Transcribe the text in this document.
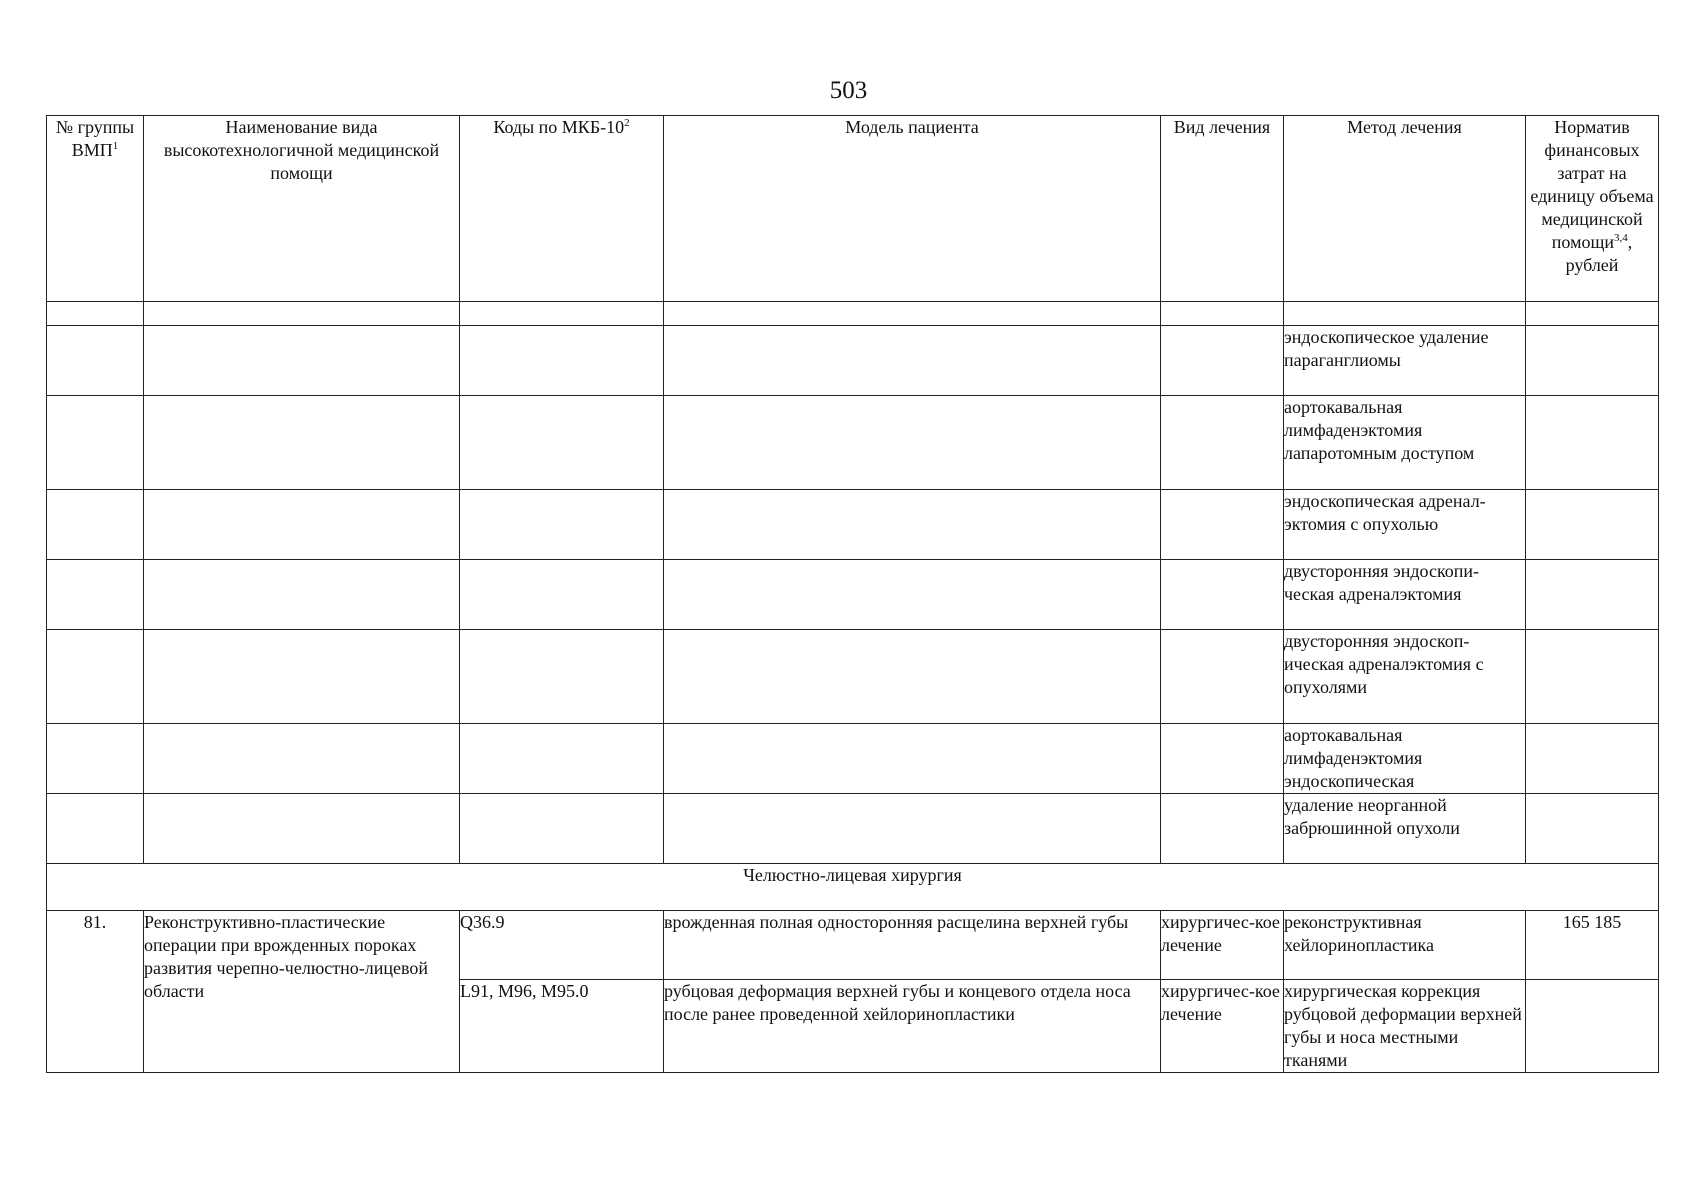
503
№ группы ВМП$^1$	Наименование вида высокотехнологичной медицинской помощи	Коды по МКБ-$10^2$	Модель пациента	Вид лечения	Метод лечения	Норматив финансовых затрат на единицу объема медицинской помощи$^{3,4}$, рублей

					эндоскопическое удаление параганглиомы	
					аортокавальная лимфаденэктомия лапаротомным доступом	
					эндоскопическая адренал-эктомия с опухолью	
					двусторонняя эндоскопи-ческая адреналэктомия	
					двусторонняя эндоскоп-ическая адреналэктомия с опухолями	
					аортокавальная лимфаденэктомия эндоскопическая	
					удаление неорганной забрюшинной опухоли	
Челюстно-лицевая хирургия						
81.	Реконструктивно-пластические операции при врожденных пороках развития черепно-челюстно-лицевой области	Q36.9	врожденная полная односторонняя расщелина верхней губы	хирургичес-кое лечение	реконструктивная хейлоринопластика	165 185
		L91, M96, M95.0	рубцовая деформация верхней губы и концевого отдела носа после ранее проведенной хейлоринопластики	хирургичес-кое лечение	хирургическая коррекция рубцовой деформации верхней губы и носа местными тканями	
